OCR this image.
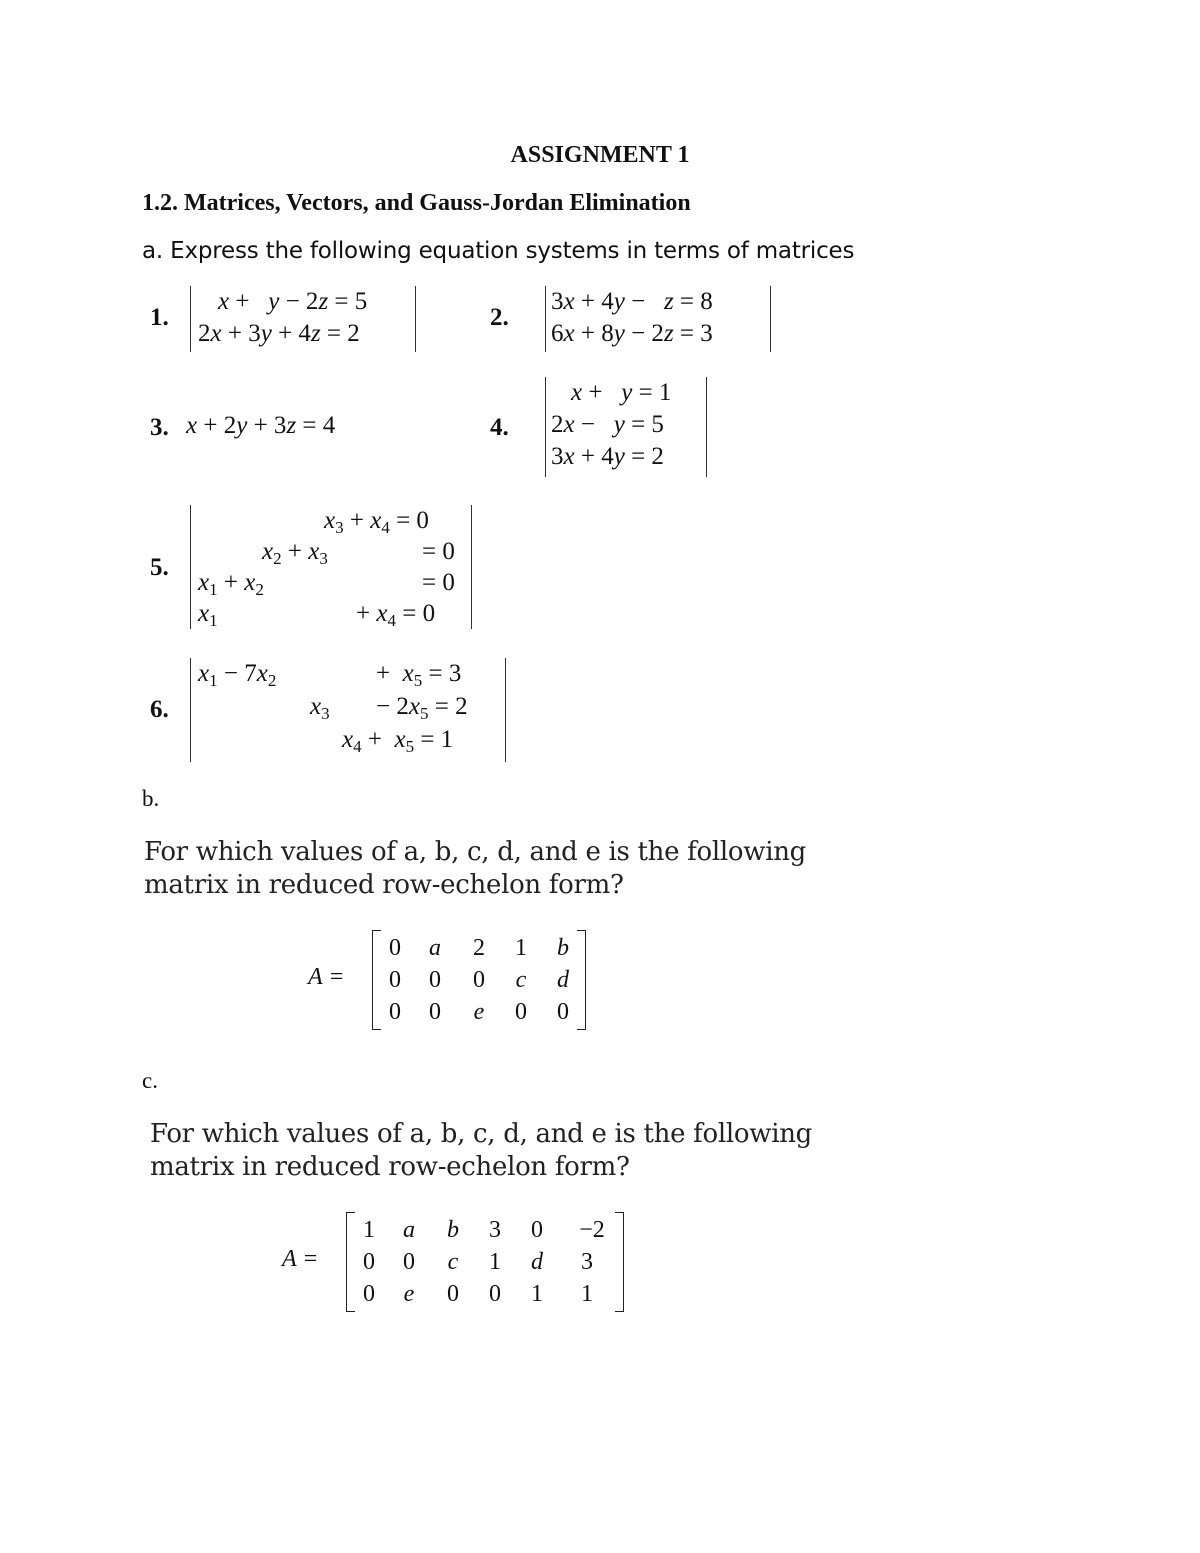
ASSIGNMENT 1
1.2. Matrices, Vectors, and Gauss-Jordan Elimination
a. Express the following equation systems in terms of matrices
1.
x +   y − 2z = 5
2x + 3y + 4z = 2
2.
3x + 4y −   z = 8
6x + 8y − 2z = 3
3. x + 2y + 3z = 4	4.
x +   y = 1
2x −   y = 5
3x + 4y = 2
5.
$x_3 + x_4 = 0$
$x_2 + x_3$	= 0
$x_1 + x_2$	= 0
$x_1$	+ $x_4 = 0$
6.
$x_1 - 7x_2$	+  $x_5 = 3$
$x_3 - 2x_5 = 2$
$x_4 + x_5 = 1$
b.
For which values of a, b, c, d, and e is the following
matrix in reduced row-echelon form?
A =
0	a	2	1	b
0	0	0	c	d
0	0	e	0	0
c.
For which values of a, b, c, d, and e is the following
matrix in reduced row-echelon form?
A =
1	a	b	3	0	−2
0	0	c	1	d	3
0	e	0	0	1	1
